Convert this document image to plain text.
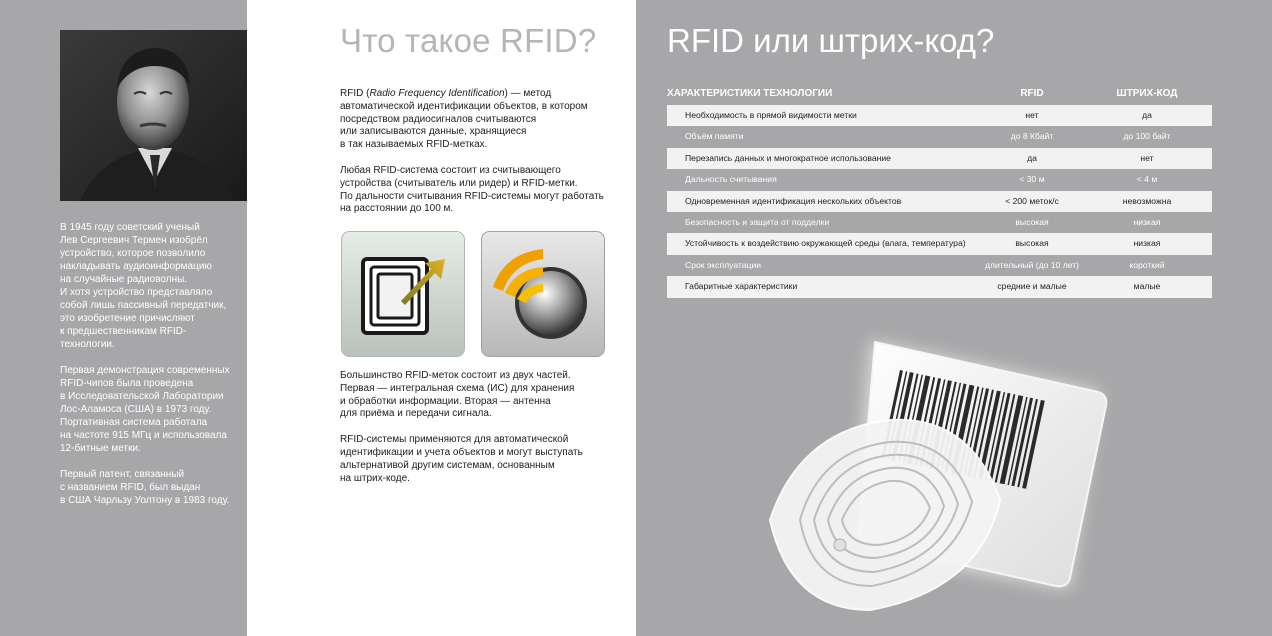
В 1945 году советский ученый
Лев Сергеевич Термен изобрёл
устройство, которое позволило
накладывать аудиоинформацию
на случайные радиоволны.
И хотя устройство представляло
собой лишь пассивный передатчик,
это изобретение причисляют
к предшественникам RFID-
технологии.

Первая демонстрация современных
RFID-чипов была проведена
в Исследовательской Лаборатории
Лос-Аламоса (США) в 1973 году.
Портативная система работала
на частоте 915 МГц и использовала
12-битные метки.

Первый патент, связанный
с названием RFID, был выдан
в США Чарльзу Уолтону в 1983 году.

Что такое RFID?

RFID (Radio Frequency Identification) — метод
автоматической идентификации объектов, в котором
посредством радиосигналов считываются
или записываются данные, хранящиеся
в так называемых RFID-метках.

Любая RFID-система состоит из считывающего
устройства (считыватель или ридер) и RFID-метки.
По дальности считывания RFID-системы могут работать
на расстоянии до 100 м.

Большинство RFID-меток состоит из двух частей.
Первая — интегральная схема (ИС) для хранения
и обработки информации. Вторая — антенна
для приёма и передачи сигнала.

RFID-системы применяются для автоматической
идентификации и учета объектов и могут выступать
альтернативой другим системам, основанным
на штрих-коде.

RFID или штрих-код?
ХАРАКТЕРИСТИКИ ТЕХНОЛОГИИ	RFID	ШТРИХ-КОД
Необходимость в прямой видимости метки	нет	да
Объём памяти	до 8 Кбайт	до 100 байт
Перезапись данных и многократное использование	да	нет
Дальность считывания	< 30 м	< 4 м
Одновременная идентификация нескольких объектов	< 200 меток/с	невозможна
Безопасность и защита от подделки	высокая	низкая
Устойчивость к воздействию окружающей среды (влага, температура)	высокая	низкая
Срок эксплуатации	длительный (до 10 лет)	короткий
Габаритные характеристики	средние и малые	малые
